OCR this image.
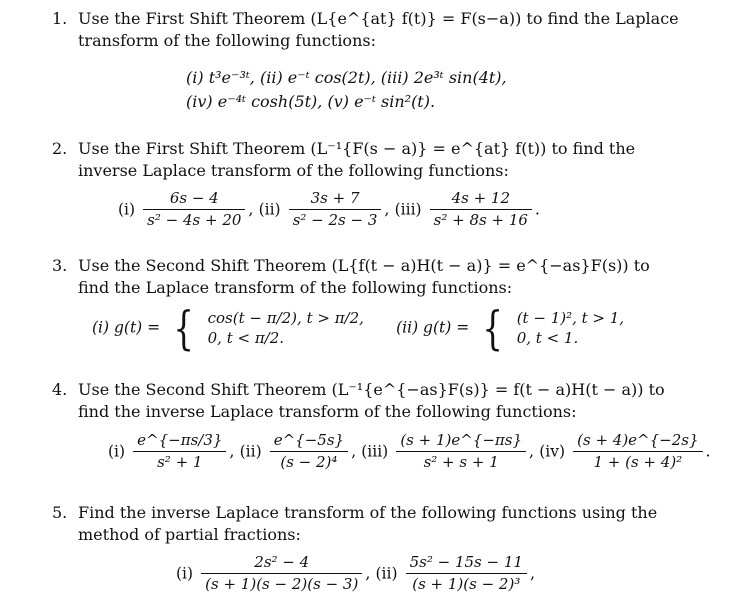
1. Use the First Shift Theorem (L{e^{at} f(t)} = F(s−a)) to find the Laplace
transform of the following functions:
(i) t³e⁻³ᵗ, (ii) e⁻ᵗ cos(2t), (iii) 2e³ᵗ sin(4t),
(iv) e⁻⁴ᵗ cosh(5t), (v) e⁻ᵗ sin²(t).
2. Use the First Shift Theorem (L⁻¹{F(s − a)} = e^{at} f(t)) to find the
inverse Laplace transform of the following functions:
$(i) \frac{6s - 4}{\text{s² − 4s + 20}}$ , $(ii) \frac{3s + 7}{\text{s² − 2s − 3}}$ , $(iii) \frac{4s + 12}{\text{s² + 8s + 16}}$ .
3. Use the Second Shift Theorem (L{f(t − a)H(t − a)} = e^{−as}F(s)) to
find the Laplace transform of the following functions:
(i) g(t) = { cos(t − π/2), t > π/2,
0, t < π/2.
(ii) g(t) = { (t − 1)², t > 1,
0, t < 1.
4. Use the Second Shift Theorem (L⁻¹{e^{−as}F(s)} = f(t − a)H(t − a)) to
find the inverse Laplace transform of the following functions:
$(i) \frac{e\^{}\{-\pi s/3\}}{\text{s² + 1}}$ , $(ii) \frac{e\^{}\{-5s\}}{\text{(s − 2)⁴}}$ , $(iii) \frac{(s + 1)e\^{}\{-\pi s\}}{\text{s² + s + 1}}$ , $(iv) \frac{(s + 4)e\^{}\{-2s\}}{\text{1 + (s + 4)²}}$ .
5. Find the inverse Laplace transform of the following functions using the
method of partial fractions:
$(i) \frac{\text{2s² − 4}}{(s + 1)(s - 2)(s - 3)}$ , $(ii) \frac{\text{5s² − 15s − 11}}{\text{(s + 1)(s − 2)³}}$ ,
